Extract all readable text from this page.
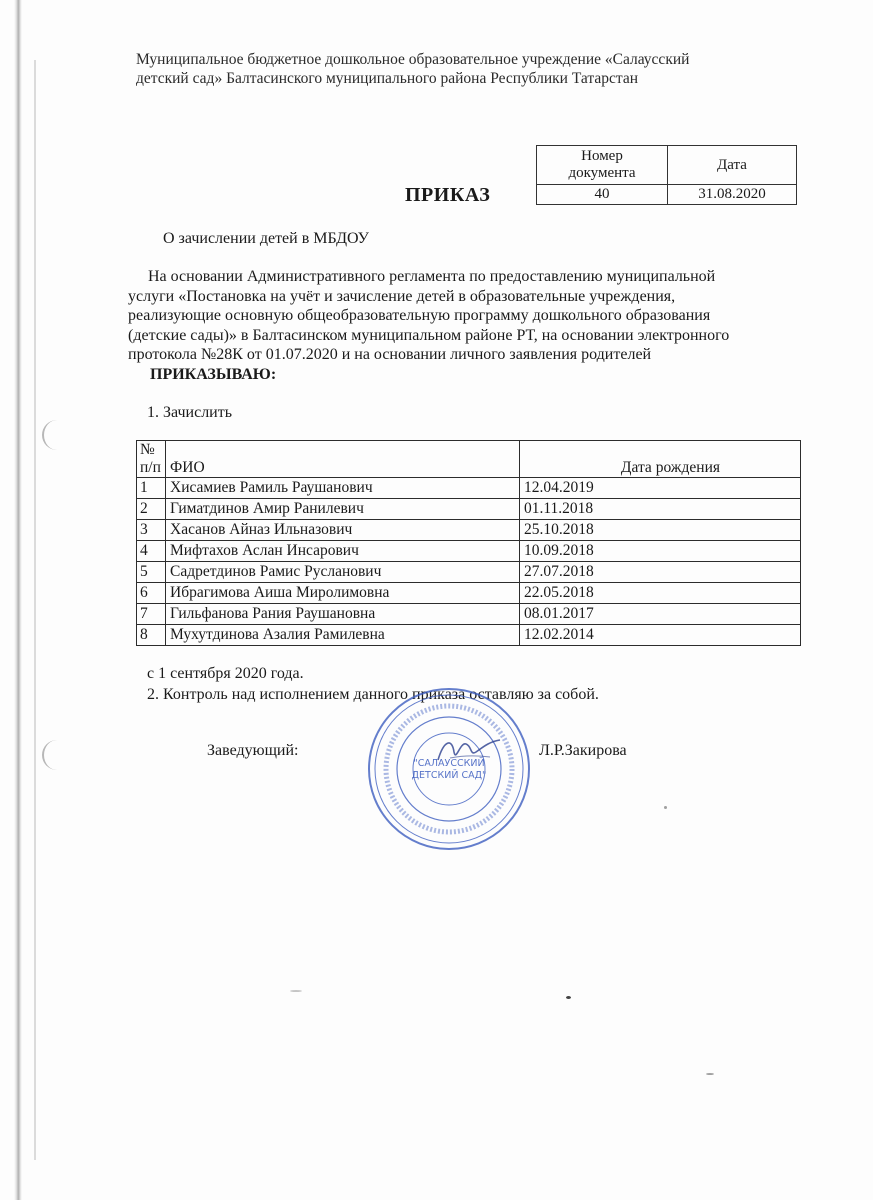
Муниципальное бюджетное дошкольное образовательное учреждение «Салаусский
детский сад» Балтасинского муниципального района Республики Татарстан
Номер
документа	Дата
40	31.08.2020
ПРИКАЗ
О зачислении детей в МБДОУ
На основании Административного регламента по предоставлению муниципальной
услуги «Постановка на учёт и зачисление детей в образовательные учреждения,
реализующие основную общеобразовательную программу дошкольного образования
(детские сады)» в Балтасинском муниципальном районе РТ, на основании электронного
протокола №28К от 01.07.2020 и на основании личного заявления родителей
ПРИКАЗЫВАЮ:
1. Зачислить
№
п/п	ФИО	Дата рождения
1	Хисамиев Рамиль Раушанович	12.04.2019
2	Гиматдинов Амир Ранилевич	01.11.2018
3	Хасанов Айназ Ильназович	25.10.2018
4	Мифтахов Аслан Инсарович	10.09.2018
5	Садретдинов Рамис Русланович	27.07.2018
6	Ибрагимова Аиша Миролимовна	22.05.2018
7	Гильфанова Рания Раушановна	08.01.2017
8	Мухутдинова Азалия Рамилевна	12.02.2014
с 1 сентября 2020 года.
2. Контроль над исполнением данного приказа оставляю за собой.
"САЛАУССКИЙ
ДЕТСКИЙ САД"
Заведующий:	Л.Р.Закирова
